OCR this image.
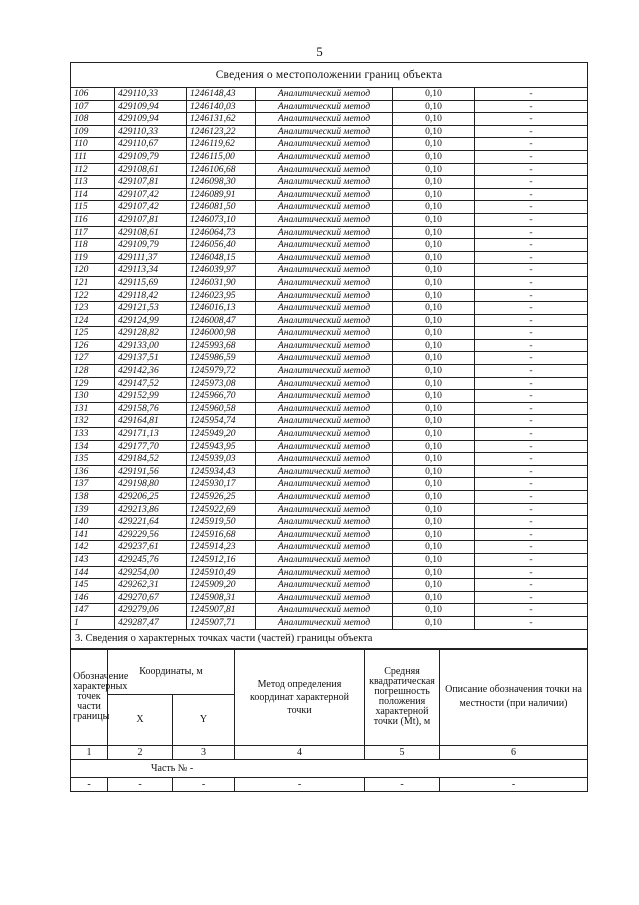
5
Сведения о местоположении границ объекта
106	429110,33	1246148,43	Аналитический метод	0,10	-
107	429109,94	1246140,03	Аналитический метод	0,10	-
108	429109,94	1246131,62	Аналитический метод	0,10	-
109	429110,33	1246123,22	Аналитический метод	0,10	-
110	429110,67	1246119,62	Аналитический метод	0,10	-
111	429109,79	1246115,00	Аналитический метод	0,10	-
112	429108,61	1246106,68	Аналитический метод	0,10	-
113	429107,81	1246098,30	Аналитический метод	0,10	-
114	429107,42	1246089,91	Аналитический метод	0,10	-
115	429107,42	1246081,50	Аналитический метод	0,10	-
116	429107,81	1246073,10	Аналитический метод	0,10	-
117	429108,61	1246064,73	Аналитический метод	0,10	-
118	429109,79	1246056,40	Аналитический метод	0,10	-
119	429111,37	1246048,15	Аналитический метод	0,10	-
120	429113,34	1246039,97	Аналитический метод	0,10	-
121	429115,69	1246031,90	Аналитический метод	0,10	-
122	429118,42	1246023,95	Аналитический метод	0,10	-
123	429121,53	1246016,13	Аналитический метод	0,10	-
124	429124,99	1246008,47	Аналитический метод	0,10	-
125	429128,82	1246000,98	Аналитический метод	0,10	-
126	429133,00	1245993,68	Аналитический метод	0,10	-
127	429137,51	1245986,59	Аналитический метод	0,10	-
128	429142,36	1245979,72	Аналитический метод	0,10	-
129	429147,52	1245973,08	Аналитический метод	0,10	-
130	429152,99	1245966,70	Аналитический метод	0,10	-
131	429158,76	1245960,58	Аналитический метод	0,10	-
132	429164,81	1245954,74	Аналитический метод	0,10	-
133	429171,13	1245949,20	Аналитический метод	0,10	-
134	429177,70	1245943,95	Аналитический метод	0,10	-
135	429184,52	1245939,03	Аналитический метод	0,10	-
136	429191,56	1245934,43	Аналитический метод	0,10	-
137	429198,80	1245930,17	Аналитический метод	0,10	-
138	429206,25	1245926,25	Аналитический метод	0,10	-
139	429213,86	1245922,69	Аналитический метод	0,10	-
140	429221,64	1245919,50	Аналитический метод	0,10	-
141	429229,56	1245916,68	Аналитический метод	0,10	-
142	429237,61	1245914,23	Аналитический метод	0,10	-
143	429245,76	1245912,16	Аналитический метод	0,10	-
144	429254,00	1245910,49	Аналитический метод	0,10	-
145	429262,31	1245909,20	Аналитический метод	0,10	-
146	429270,67	1245908,31	Аналитический метод	0,10	-
147	429279,06	1245907,81	Аналитический метод	0,10	-
1	429287,47	1245907,71	Аналитический метод	0,10	-
3. Сведения о характерных точках части (частей) границы объекта
Обозначение характерных точек части границы	Координаты, м		Метод определения координат характерной точки	Средняя квадратическая погрешность положения характерной точки (Мt), м	Описание обозначения точки на местности (при наличии)
	X	Y			
1	2	3	4	5	6
Часть № -					
-	-	-	-	-	-
